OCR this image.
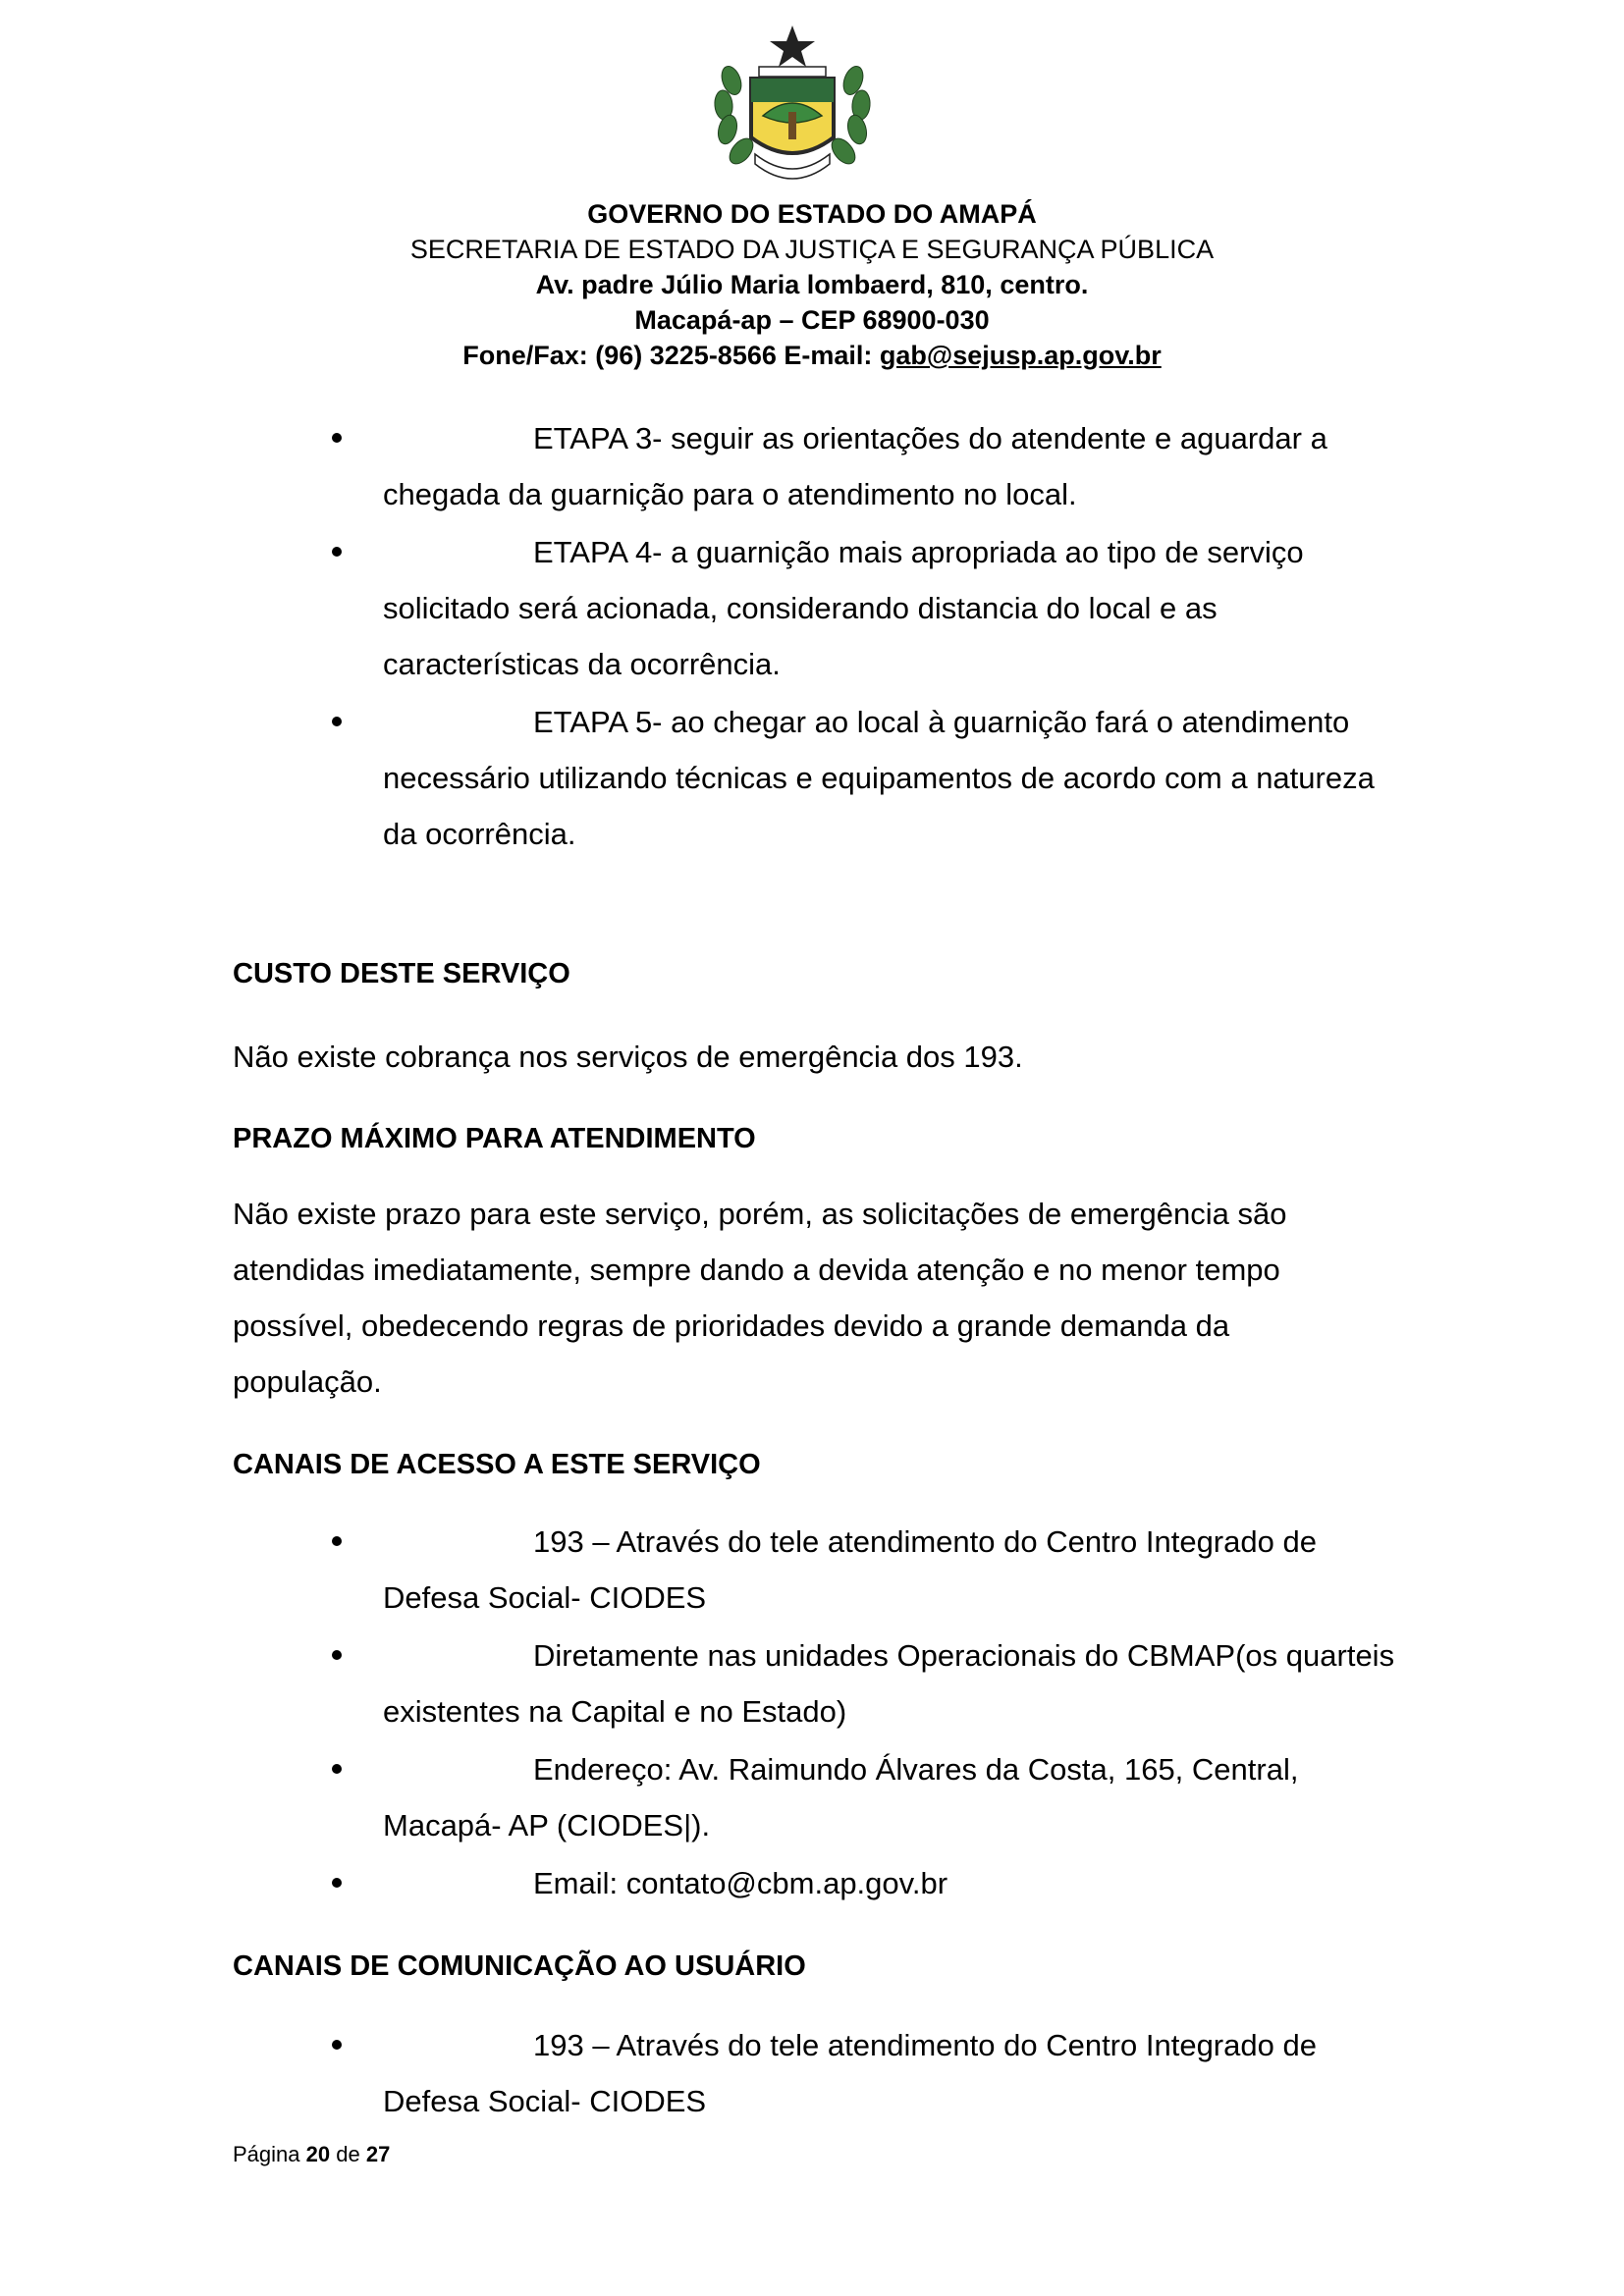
GOVERNO DO ESTADO DO AMAPÁ
SECRETARIA DE ESTADO DA JUSTIÇA E SEGURANÇA PÚBLICA
Av. padre Júlio Maria lombaerd, 810, centro.
Macapá-ap – CEP 68900-030
Fone/Fax: (96) 3225-8566 E-mail: gab@sejusp.ap.gov.br
ETAPA 3- seguir as orientações do atendente e aguardar a
chegada da guarnição para o atendimento no local.
ETAPA 4- a guarnição mais apropriada ao tipo de serviço
solicitado será acionada, considerando distancia do local e as
características da ocorrência.
ETAPA 5- ao chegar ao local à guarnição fará o atendimento
necessário utilizando técnicas e equipamentos de acordo com a natureza
da ocorrência.
CUSTO DESTE SERVIÇO
Não existe cobrança nos serviços de emergência dos 193.
PRAZO MÁXIMO PARA ATENDIMENTO
Não existe prazo para este serviço, porém, as solicitações de emergência são
atendidas imediatamente, sempre dando a devida atenção e no menor tempo
possível, obedecendo regras de prioridades devido a grande demanda da
população.
CANAIS DE ACESSO A ESTE SERVIÇO
193 – Através do tele atendimento do Centro Integrado de
Defesa Social- CIODES
Diretamente nas unidades Operacionais do CBMAP(os quarteis
existentes na Capital e no Estado)
Endereço: Av. Raimundo Álvares da Costa, 165, Central,
Macapá- AP (CIODES|).
Email: contato@cbm.ap.gov.br
CANAIS DE COMUNICAÇÃO AO USUÁRIO
193 – Através do tele atendimento do Centro Integrado de
Defesa Social- CIODES
Página 20 de 27
